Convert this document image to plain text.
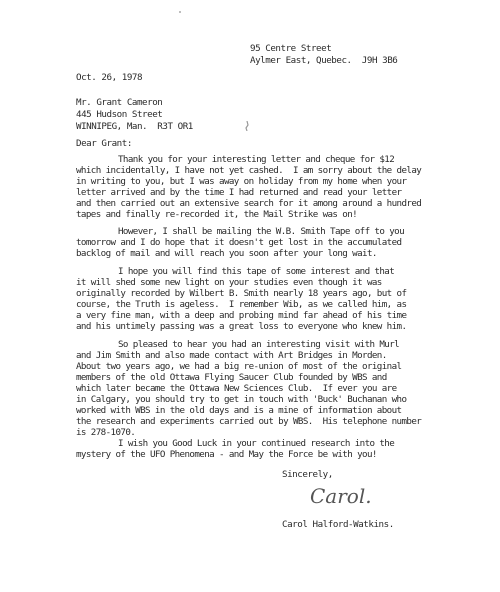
95 Centre Street
Aylmer East, Quebec.  J9H 3B6
Oct. 26, 1978
Mr. Grant Cameron
445 Hudson Street
WINNIPEG, Man.  R3T OR1
Dear Grant:
Thank you for your interesting letter and cheque for $12
which incidentally, I have not yet cashed.  I am sorry about the delay
in writing to you, but I was away on holiday from my home when your
letter arrived and by the time I had returned and read your letter
and then carried out an extensive search for it among around a hundred
tapes and finally re-recorded it, the Mail Strike was on!
However, I shall be mailing the W.B. Smith Tape off to you
tomorrow and I do hope that it doesn't get lost in the accumulated
backlog of mail and will reach you soon after your long wait.
I hope you will find this tape of some interest and that
it will shed some new light on your studies even though it was
originally recorded by Wilbert B. Smith nearly 18 years ago, but of
course, the Truth is ageless.  I remember Wib, as we called him, as
a very fine man, with a deep and probing mind far ahead of his time
and his untimely passing was a great loss to everyone who knew him.
So pleased to hear you had an interesting visit with Murl
and Jim Smith and also made contact with Art Bridges in Morden.
About two years ago, we had a big re-union of most of the original
members of the old Ottawa Flying Saucer Club founded by WBS and
which later became the Ottawa New Sciences Club.  If ever you are
in Calgary, you should try to get in touch with 'Buck' Buchanan who
worked with WBS in the old days and is a mine of information about
the research and experiments carried out by WBS.  His telephone number
is 278-1070.
I wish you Good Luck in your continued research into the
mystery of the UFO Phenomena - and May the Force be with you!
Sincerely,
Carol.
Carol Halford-Watkins.
